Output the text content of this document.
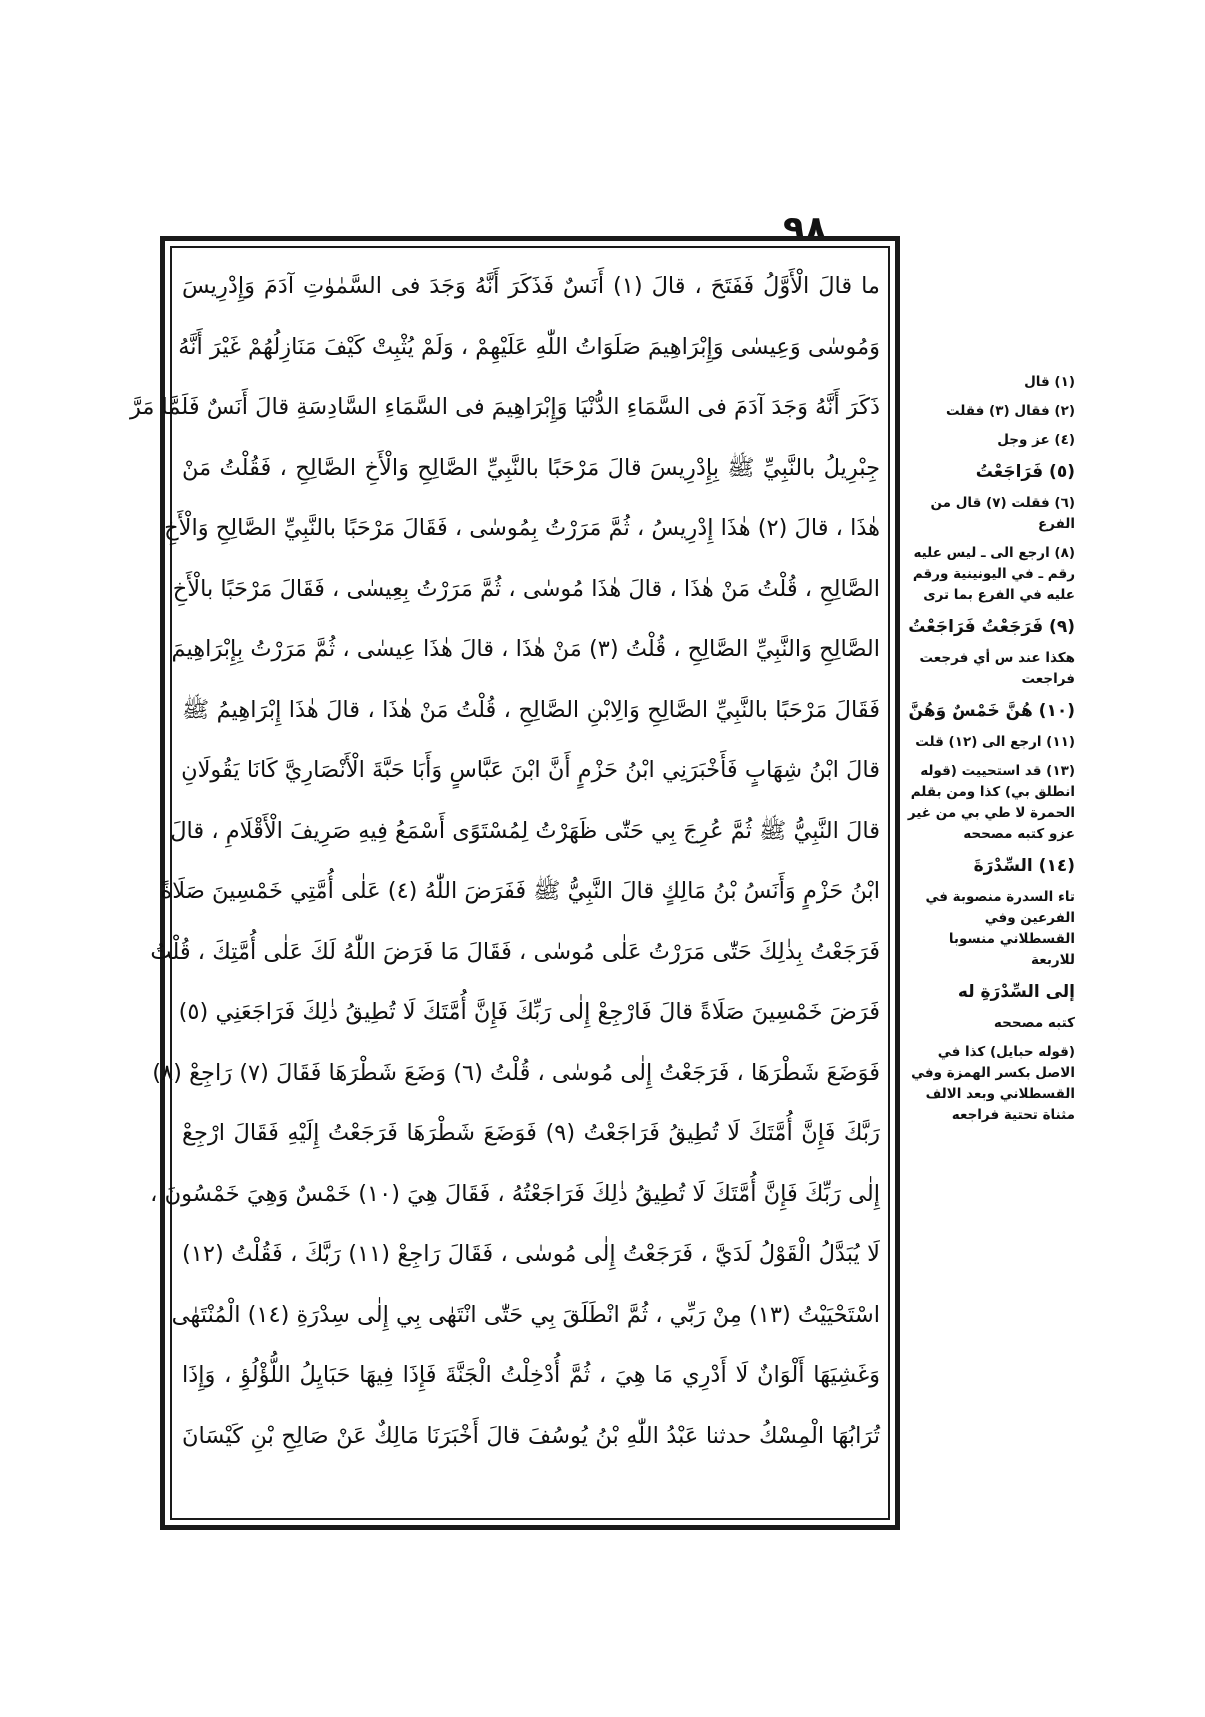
٩٨
ما قالَ الْأَوَّلُ فَفَتَحَ ، قالَ (١) أَنَسٌ فَذَكَرَ أَنَّهُ وَجَدَ فى السَّمٰوٰتِ آدَمَ وَإِدْرِيسَ
وَمُوسٰى وَعِيسٰى وَإِبْرَاهِيمَ صَلَوَاتُ اللّٰهِ عَلَيْهِمْ ، وَلَمْ يُثْبِتْ كَيْفَ مَنَازِلُهُمْ غَيْرَ أَنَّهُ
ذَكَرَ أَنَّهُ وَجَدَ آدَمَ فى السَّمَاءِ الدُّنْيَا وَإِبْرَاهِيمَ فى السَّمَاءِ السَّادِسَةِ قالَ أَنَسٌ فَلَمَّا مَرَّ
جِبْرِيلُ بالنَّبِيِّ ﷺ بِإِدْرِيسَ قالَ مَرْحَبًا بالنَّبِيِّ الصَّالِحِ وَالْأَخِ الصَّالِحِ ، فَقُلْتُ مَنْ
هٰذَا ، قالَ (٢) هٰذَا إِدْرِيسُ ، ثُمَّ مَرَرْتُ بِمُوسٰى ، فَقَالَ مَرْحَبًا بالنَّبِيِّ الصَّالِحِ وَالْأَخِ
الصَّالِحِ ، قُلْتُ مَنْ هٰذَا ، قالَ هٰذَا مُوسٰى ، ثُمَّ مَرَرْتُ بِعِيسٰى ، فَقَالَ مَرْحَبًا بالْأَخِ
الصَّالِحِ وَالنَّبِيِّ الصَّالِحِ ، قُلْتُ (٣) مَنْ هٰذَا ، قالَ هٰذَا عِيسٰى ، ثُمَّ مَرَرْتُ بِإِبْرَاهِيمَ
فَقَالَ مَرْحَبًا بالنَّبِيِّ الصَّالِحِ وَالِابْنِ الصَّالِحِ ، قُلْتُ مَنْ هٰذَا ، قالَ هٰذَا إِبْرَاهِيمُ ﷺ
قالَ ابْنُ شِهَابٍ فَأَخْبَرَنِي ابْنُ حَزْمٍ أَنَّ ابْنَ عَبَّاسٍ وَأَبَا حَبَّةَ الْأَنْصَارِيَّ كَانَا يَقُولَانِ
قالَ النَّبِيُّ ﷺ ثُمَّ عُرِجَ بِي حَتّٰى ظَهَرْتُ لِمُسْتَوًى أَسْمَعُ فِيهِ صَرِيفَ الْأَقْلَامِ ، قالَ
ابْنُ حَزْمٍ وَأَنَسُ بْنُ مَالِكٍ قالَ النَّبِيُّ ﷺ فَفَرَضَ اللّٰهُ (٤) عَلٰى أُمَّتِي خَمْسِينَ صَلَاةً
فَرَجَعْتُ بِذٰلِكَ حَتّٰى مَرَرْتُ عَلٰى مُوسٰى ، فَقَالَ مَا فَرَضَ اللّٰهُ لَكَ عَلٰى أُمَّتِكَ ، قُلْتُ
فَرَضَ خَمْسِينَ صَلَاةً قالَ فَارْجِعْ إِلٰى رَبِّكَ فَإِنَّ أُمَّتَكَ لَا تُطِيقُ ذٰلِكَ فَرَاجَعَنِي (٥)
فَوَضَعَ شَطْرَهَا ، فَرَجَعْتُ إِلٰى مُوسٰى ، قُلْتُ (٦) وَضَعَ شَطْرَهَا فَقَالَ (٧) رَاجِعْ (٨)
رَبَّكَ فَإِنَّ أُمَّتَكَ لَا تُطِيقُ فَرَاجَعْتُ (٩) فَوَضَعَ شَطْرَهَا فَرَجَعْتُ إِلَيْهِ فَقَالَ ارْجِعْ
إِلٰى رَبِّكَ فَإِنَّ أُمَّتَكَ لَا تُطِيقُ ذٰلِكَ فَرَاجَعْتُهُ ، فَقَالَ هِيَ (١٠) خَمْسٌ وَهِيَ خَمْسُونَ ،
لَا يُبَدَّلُ الْقَوْلُ لَدَيَّ ، فَرَجَعْتُ إِلٰى مُوسٰى ، فَقَالَ رَاجِعْ (١١) رَبَّكَ ، فَقُلْتُ (١٢)
اسْتَحْيَيْتُ (١٣) مِنْ رَبِّي ، ثُمَّ انْطَلَقَ بِي حَتّٰى انْتَهٰى بِي إِلٰى سِدْرَةِ (١٤) الْمُنْتَهٰى
وَغَشِيَهَا أَلْوَانٌ لَا أَدْرِي مَا هِيَ ، ثُمَّ أُدْخِلْتُ الْجَنَّةَ فَإِذَا فِيهَا حَبَايِلُ اللُّؤْلُؤِ ، وَإِذَا
تُرَابُهَا الْمِسْكُ حدثنا عَبْدُ اللّٰهِ بْنُ يُوسُفَ قالَ أَخْبَرَنَا مَالِكٌ عَنْ صَالِحِ بْنِ كَيْسَانَ
(١) قال
(٢) فقال (٣) فقلت
(٤) عز وجل
(٥) فَرَاجَعْتُ
(٦) فقلت (٧) قال من الفرع
(٨) ارجع الى ـ ليس عليه رقم ـ في اليونينية ورقم عليه في الفرع بما ترى
(٩) فَرَجَعْتُ فَرَاجَعْتُ
هكذا عند س أي فرجعت فراجعت
(١٠) هُنَّ خَمْسٌ وَهُنَّ
(١١) ارجع الى (١٢) قلت
(١٣) قد استحييت (قوله انطلق بي) كذا ومن بقلم الحمرة لا طي بي من غير عزو كتبه مصححه
(١٤) السِّدْرَةَ
تاء السدرة منصوبة في الفرعين وفي القسطلاني منسوبا للاربعة
إلى السِّدْرَةِ له
كتبه مصححه
(قوله حبايل) كذا في الاصل بكسر الهمزة وفي القسطلاني وبعد الالف مثناة تحتية فراجعه
